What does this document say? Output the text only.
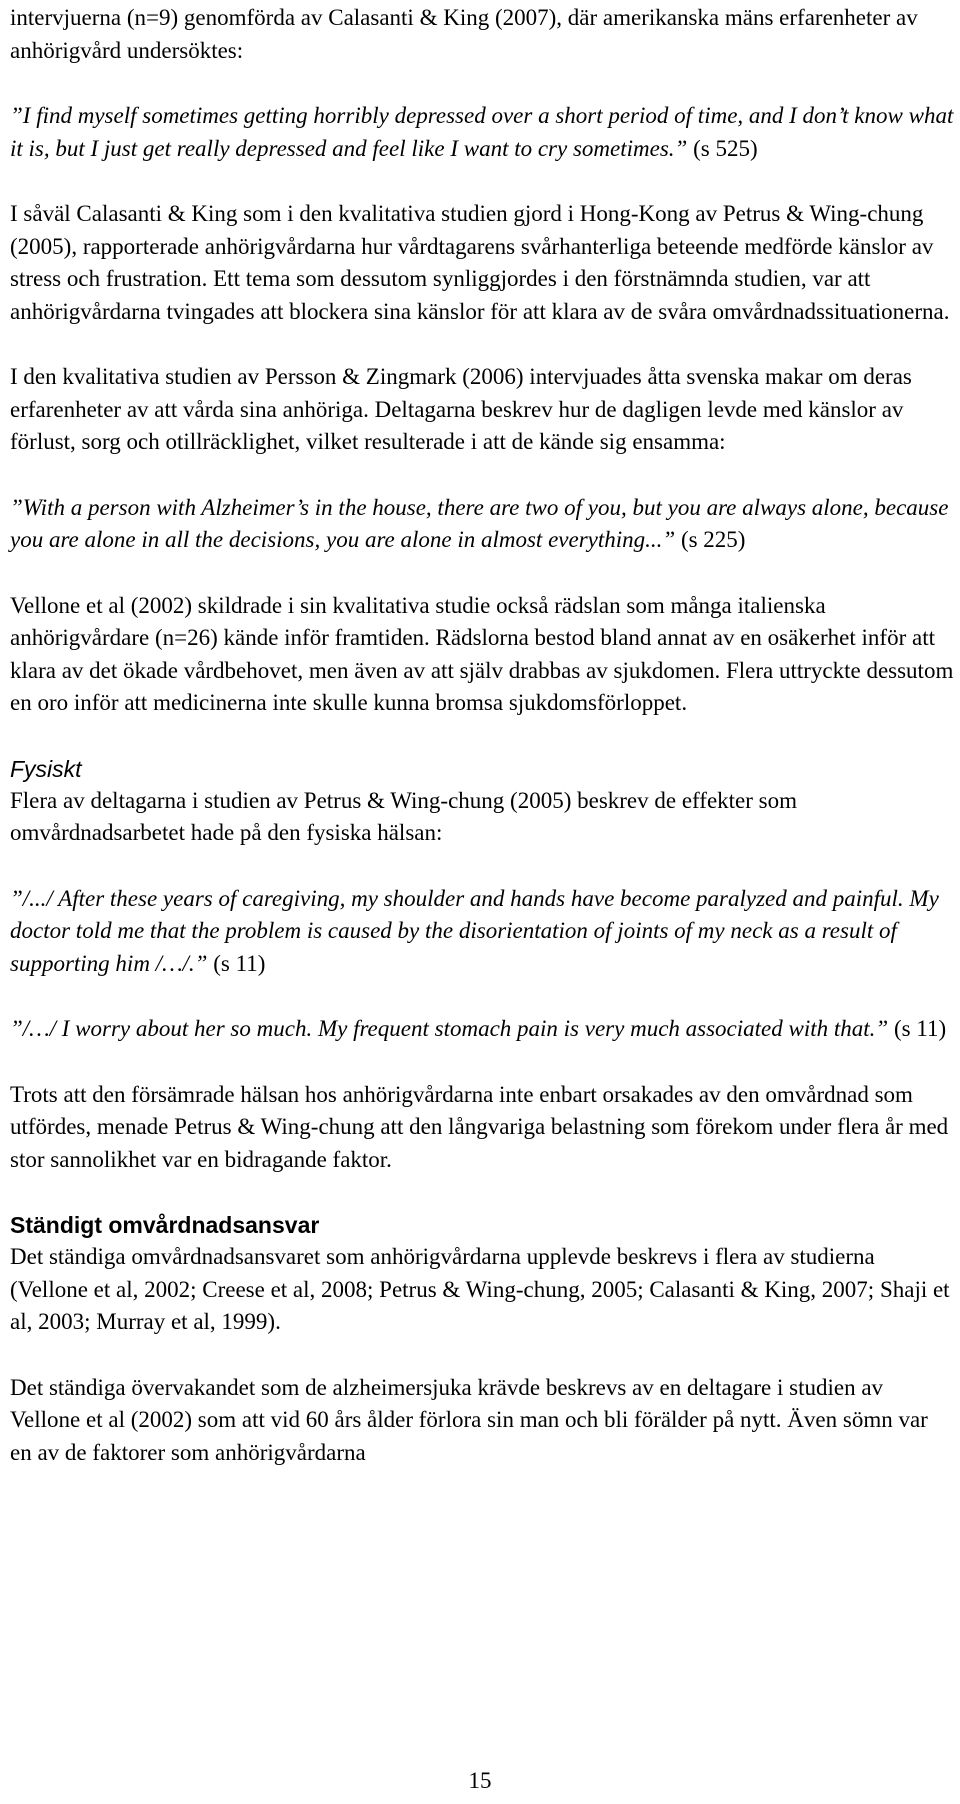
intervjuerna (n=9) genomförda av Calasanti & King (2007), där amerikanska mäns erfarenheter av anhörigvård undersöktes:

”I find myself sometimes getting horribly depressed over a short period of time, and I don’t know what it is, but I just get really depressed and feel like I want to cry sometimes.” (s 525)

I såväl Calasanti & King som i den kvalitativa studien gjord i Hong-Kong av Petrus & Wing-chung (2005), rapporterade anhörigvårdarna hur vårdtagarens svårhanterliga beteende medförde känslor av stress och frustration. Ett tema som dessutom synliggjordes i den förstnämnda studien, var att anhörigvårdarna tvingades att blockera sina känslor för att klara av de svåra omvårdnadssituationerna.

I den kvalitativa studien av Persson & Zingmark (2006) intervjuades åtta svenska makar om deras erfarenheter av att vårda sina anhöriga. Deltagarna beskrev hur de dagligen levde med känslor av förlust, sorg och otillräcklighet, vilket resulterade i att de kände sig ensamma:

”With a person with Alzheimer’s in the house, there are two of you, but you are always alone, because you are alone in all the decisions, you are alone in almost everything...” (s 225)

Vellone et al (2002) skildrade i sin kvalitativa studie också rädslan som många italienska anhörigvårdare (n=26) kände inför framtiden. Rädslorna bestod bland annat av en osäkerhet inför att klara av det ökade vårdbehovet, men även av att själv drabbas av sjukdomen. Flera uttryckte dessutom en oro inför att medicinerna inte skulle kunna bromsa sjukdomsförloppet.

Fysiskt

Flera av deltagarna i studien av Petrus & Wing-chung (2005) beskrev de effekter som omvårdnadsarbetet hade på den fysiska hälsan:

”/.../ After these years of caregiving, my shoulder and hands have become paralyzed and painful. My doctor told me that the problem is caused by the disorientation of joints of my neck as a result of supporting him /…/.” (s 11)

”/…/ I worry about her so much. My frequent stomach pain is very much associated with that.” (s 11)

Trots att den försämrade hälsan hos anhörigvårdarna inte enbart orsakades av den omvårdnad som utfördes, menade Petrus & Wing-chung att den långvariga belastning som förekom under flera år med stor sannolikhet var en bidragande faktor.

Ständigt omvårdnadsansvar

Det ständiga omvårdnadsansvaret som anhörigvårdarna upplevde beskrevs i flera av studierna (Vellone et al, 2002; Creese et al, 2008; Petrus & Wing-chung, 2005; Calasanti & King, 2007; Shaji et al, 2003; Murray et al, 1999).

Det ständiga övervakandet som de alzheimersjuka krävde beskrevs av en deltagare i studien av Vellone et al (2002) som att vid 60 års ålder förlora sin man och bli förälder på nytt. Även sömn var en av de faktorer som anhörigvårdarna

15
